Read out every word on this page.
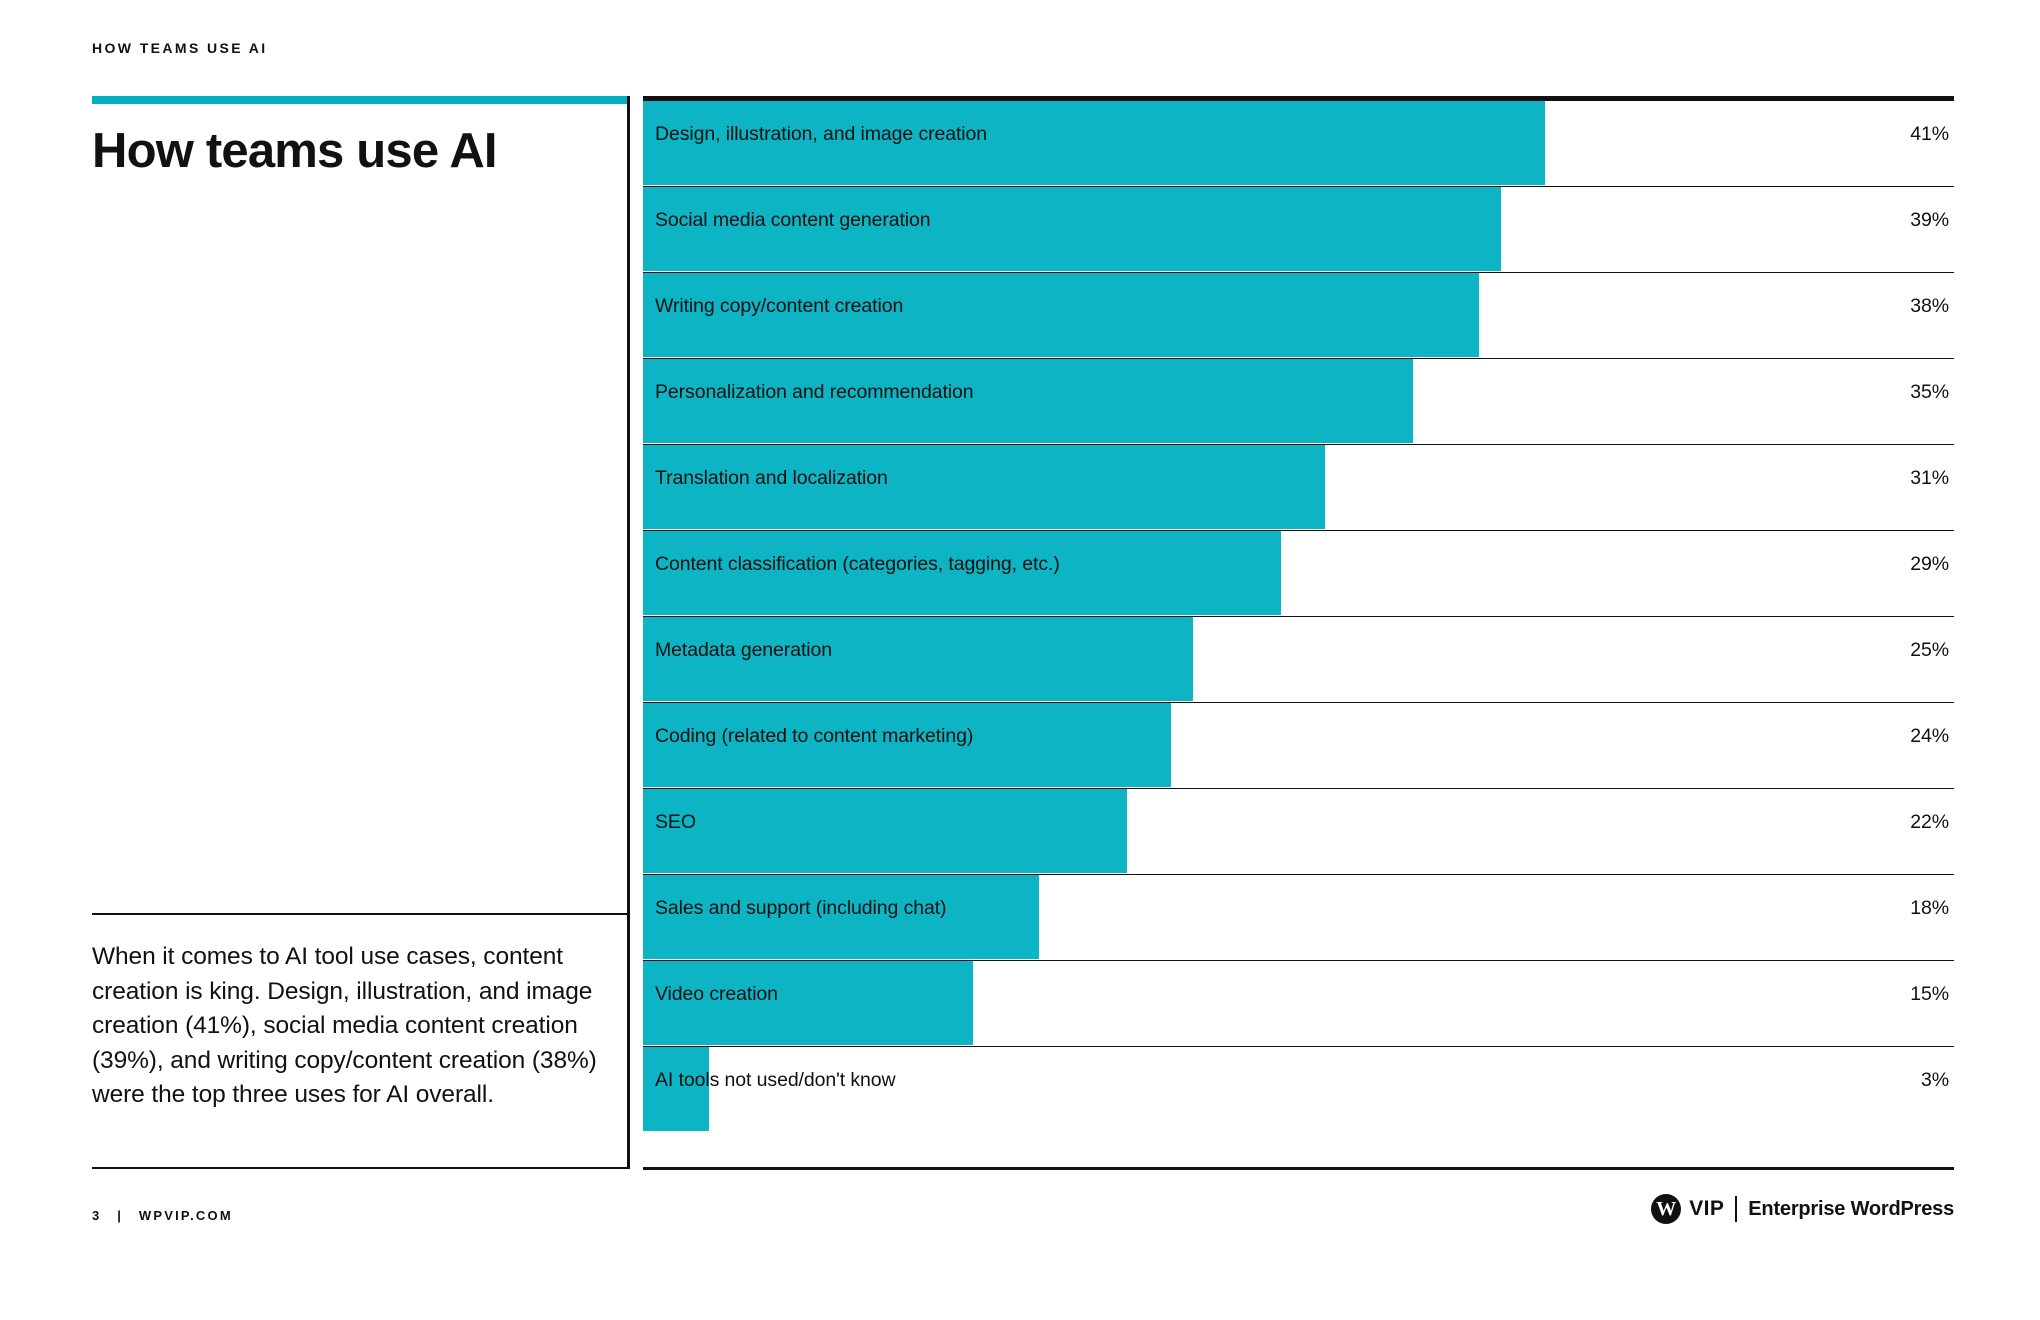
HOW TEAMS USE AI
How teams use AI
When it comes to AI tool use cases, content creation is king. Design, illustration, and image creation (41%), social media content creation (39%), and writing copy/content creation (38%) were the top three uses for AI overall.
3 | WPVIP.COM
Design, illustration, and image creation	41%
Social media content generation	39%
Writing copy/content creation	38%
Personalization and recommendation	35%
Translation and localization	31%
Content classification (categories, tagging, etc.)	29%
Metadata generation	25%
Coding (related to content marketing)	24%
SEO	22%
Sales and support (including chat)	18%
Video creation	15%
AI tools not used/don't know	3%
W VIP Enterprise WordPress
